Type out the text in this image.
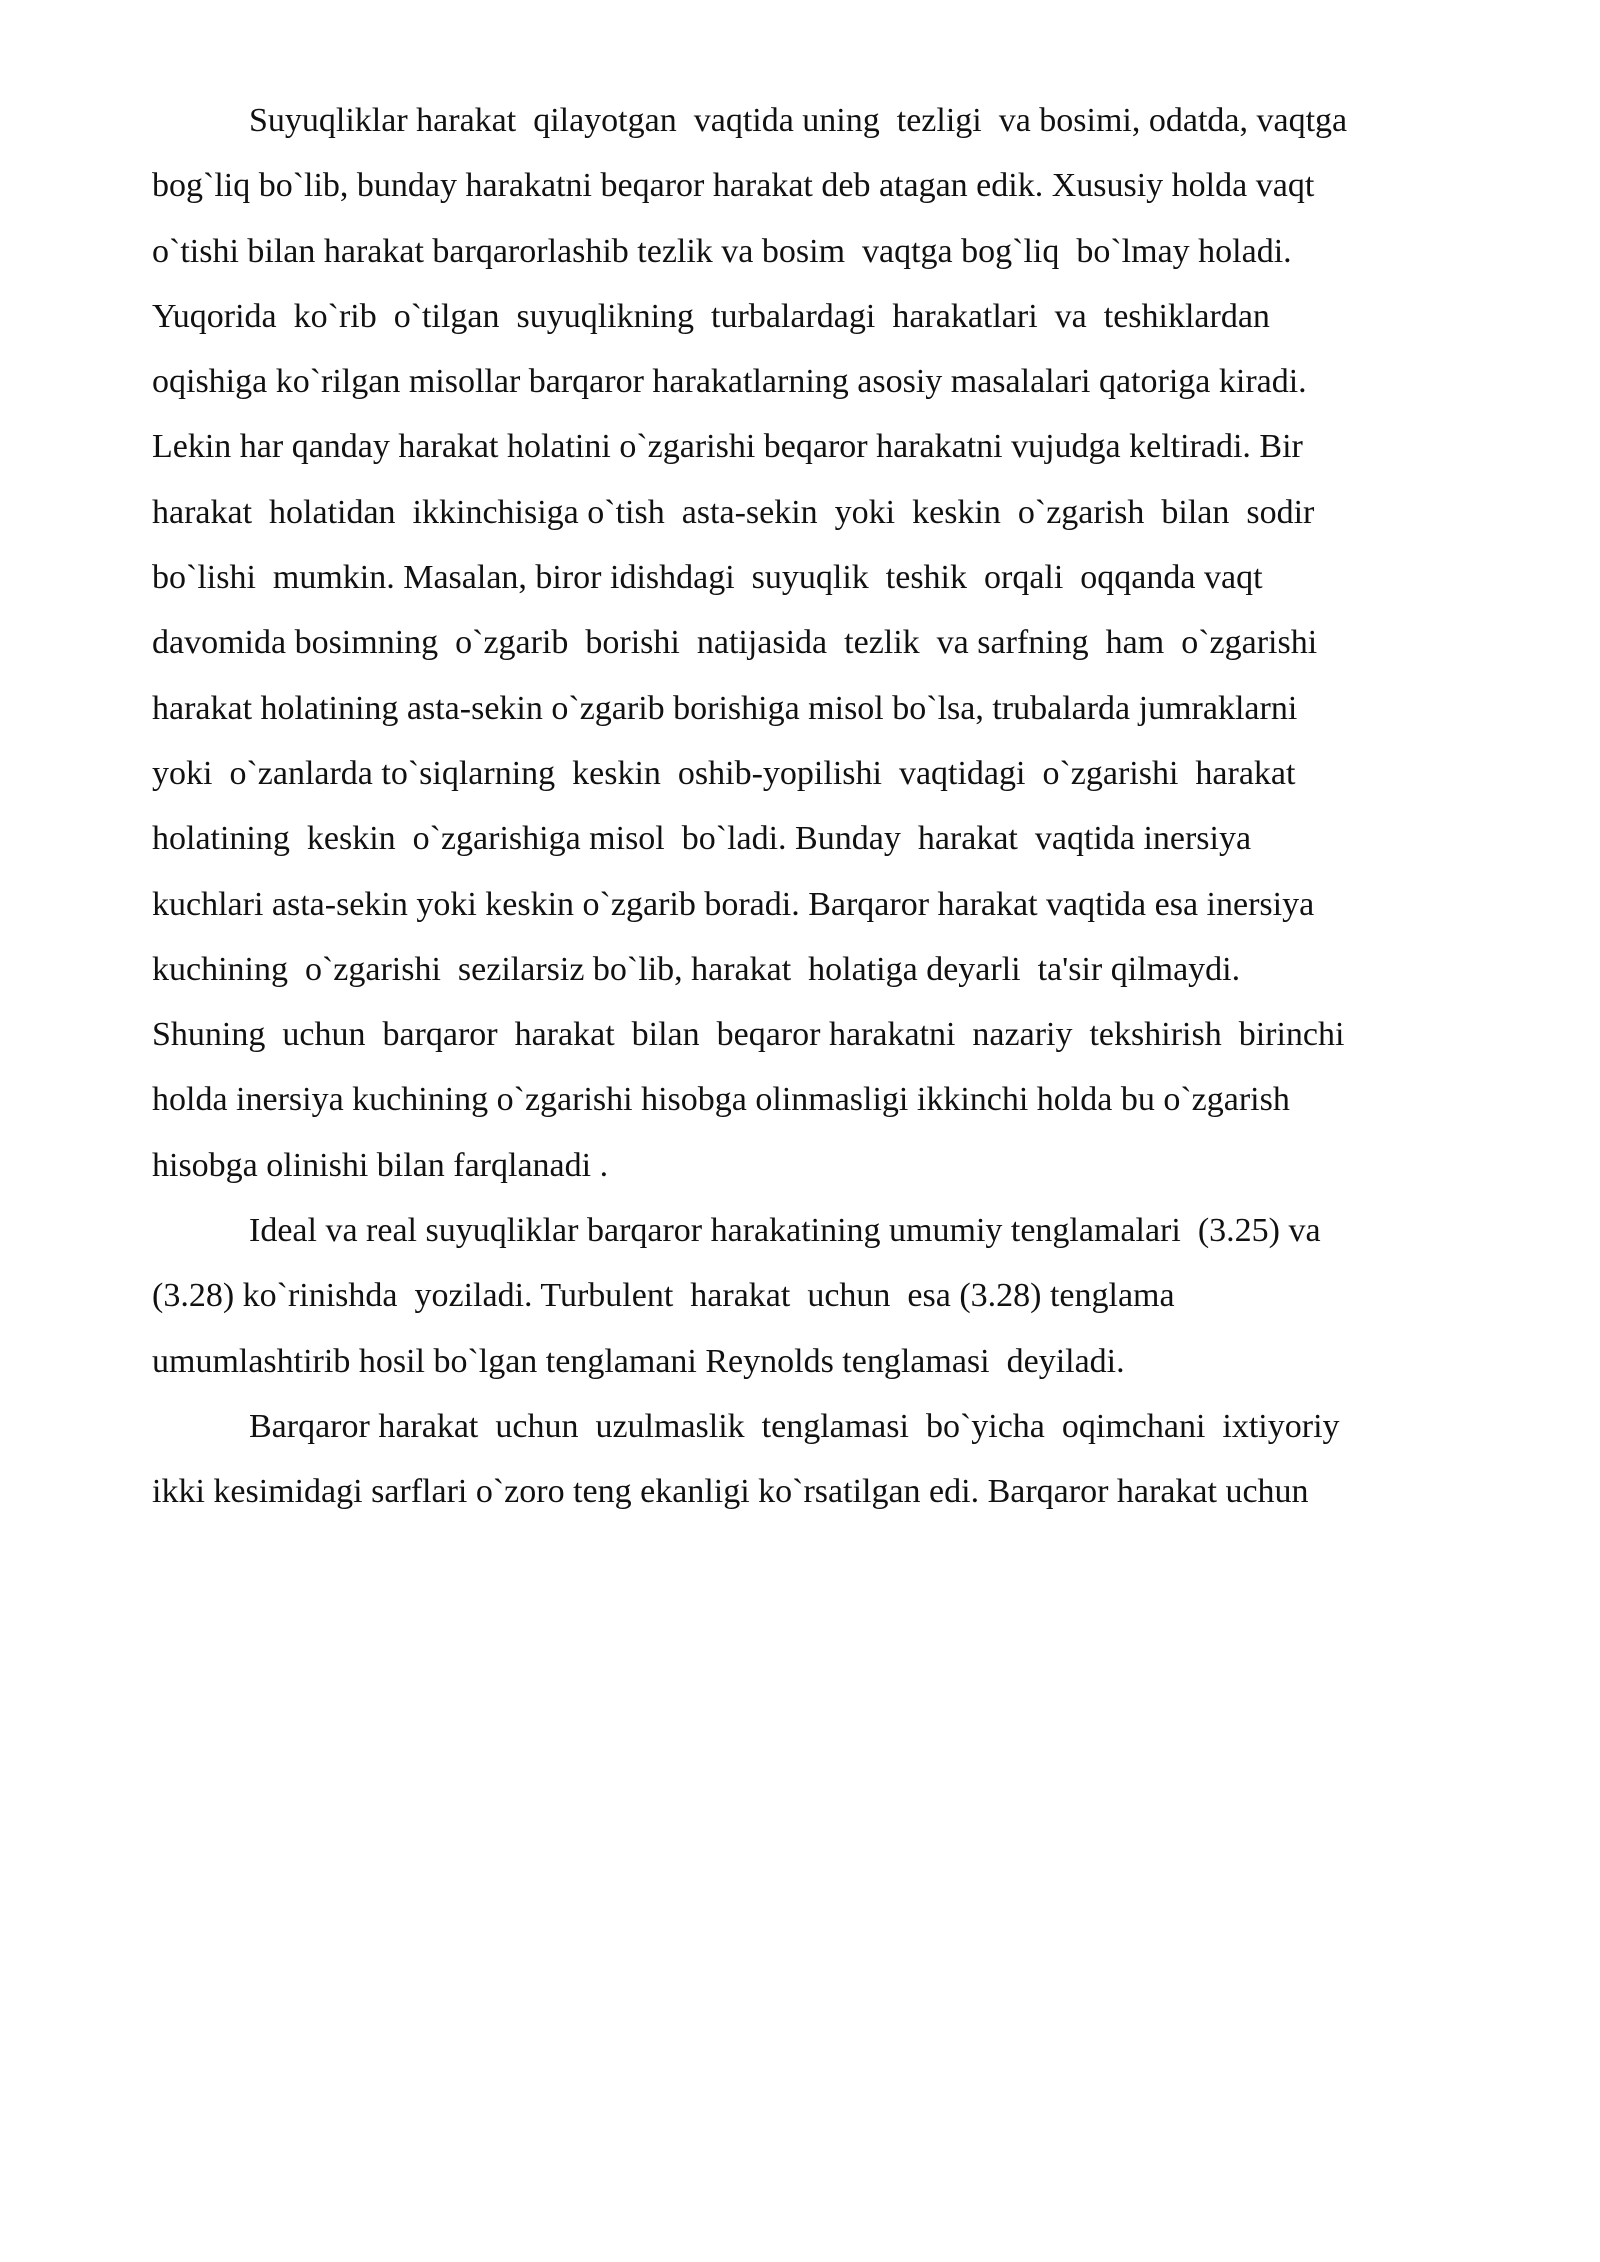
Suyuqliklar harakat  qilayotgan  vaqtida uning  tezligi  va bosimi, odatda, vaqtga
bog`liq bo`lib, bunday harakatni beqaror harakat deb atagan edik. Xususiy holda vaqt
o`tishi bilan harakat barqarorlashib tezlik va bosim  vaqtga bog`liq  bo`lmay holadi.
Yuqorida  ko`rib  o`tilgan  suyuqlikning  turbalardagi  harakatlari  va  teshiklardan
oqishiga ko`rilgan misollar barqaror harakatlarning asosiy masalalari qatoriga kiradi.
Lekin har qanday harakat holatini o`zgarishi beqaror harakatni vujudga keltiradi. Bir
harakat  holatidan  ikkinchisiga o`tish  asta-sekin  yoki  keskin  o`zgarish  bilan  sodir
bo`lishi  mumkin. Masalan, biror idishdagi  suyuqlik  teshik  orqali  oqqanda vaqt
davomida bosimning  o`zgarib  borishi  natijasida  tezlik  va sarfning  ham  o`zgarishi
harakat holatining asta-sekin o`zgarib borishiga misol bo`lsa, trubalarda jumraklarni
yoki  o`zanlarda to`siqlarning  keskin  oshib-yopilishi  vaqtidagi  o`zgarishi  harakat
holatining  keskin  o`zgarishiga misol  bo`ladi. Bunday  harakat  vaqtida inersiya
kuchlari asta-sekin yoki keskin o`zgarib boradi. Barqaror harakat vaqtida esa inersiya
kuchining  o`zgarishi  sezilarsiz bo`lib, harakat  holatiga deyarli  ta'sir qilmaydi.
Shuning  uchun  barqaror  harakat  bilan  beqaror harakatni  nazariy  tekshirish  birinchi
holda inersiya kuchining o`zgarishi hisobga olinmasligi ikkinchi holda bu o`zgarish
hisobga olinishi bilan farqlanadi .
Ideal va real suyuqliklar barqaror harakatining umumiy tenglamalari  (3.25) va
(3.28) ko`rinishda  yoziladi. Turbulent  harakat  uchun  esa (3.28) tenglama
umumlashtirib hosil bo`lgan tenglamani Reynolds tenglamasi  deyiladi.
Barqaror harakat  uchun  uzulmaslik  tenglamasi  bo`yicha  oqimchani  ixtiyoriy
ikki kesimidagi sarflari o`zoro teng ekanligi ko`rsatilgan edi. Barqaror harakat uchun
